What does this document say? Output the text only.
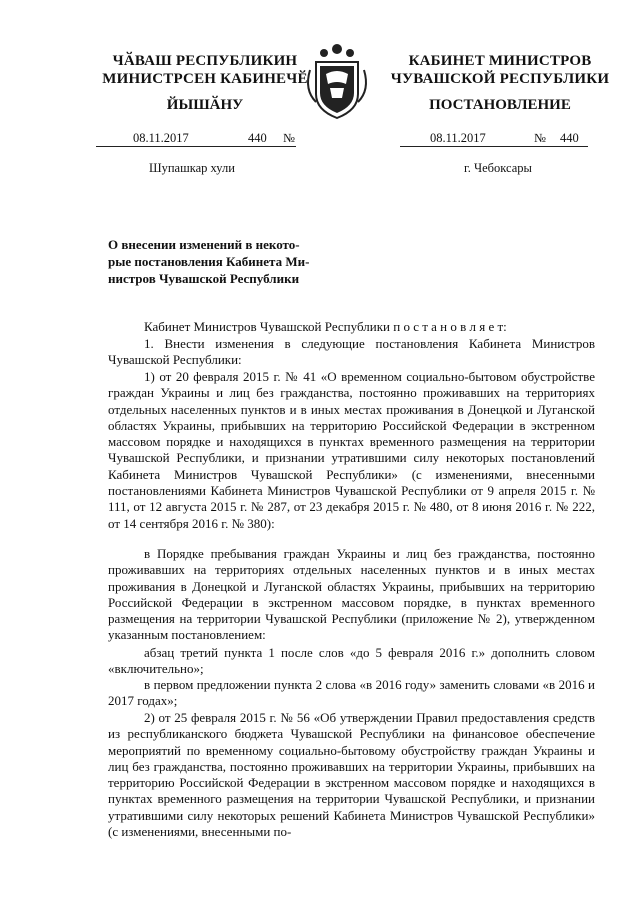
ЧӐВАШ РЕСПУБЛИКИН
МИНИСТРСЕН КАБИНЕЧӖ
ЙЫШӐНУ
КАБИНЕТ МИНИСТРОВ
ЧУВАШСКОЙ РЕСПУБЛИКИ
ПОСТАНОВЛЕНИЕ
08.11.2017	440 №	08.11.2017	№ 440
Шупашкар хули	г. Чебоксары
О внесении изменений в некото-
рые постановления Кабинета Ми-
нистров Чувашской Республики
Кабинет Министров Чувашской Республики п о с т а н о в л я е т:
1. Внести изменения в следующие постановления Кабинета Министров Чувашской Республики:
1) от 20 февраля 2015 г. № 41 «О временном социально-бытовом обустройстве граждан Украины и лиц без гражданства, постоянно проживавших на территориях отдельных населенных пунктов и в иных местах проживания в Донецкой и Луганской областях Украины, прибывших на территорию Российской Федерации в экстренном массовом порядке и находящихся в пунктах временного размещения на территории Чувашской Республики, и признании утратившими силу некоторых постановлений Кабинета Министров Чувашской Республики» (с изменениями, внесенными постановлениями Кабинета Министров Чувашской Республики от 9 апреля 2015 г. № 111, от 12 августа 2015 г. № 287, от 23 декабря 2015 г. № 480, от 8 июня 2016 г. № 222, от 14 сентября 2016 г. № 380):
в Порядке пребывания граждан Украины и лиц без гражданства, постоянно проживавших на территориях отдельных населенных пунктов и в иных местах проживания в Донецкой и Луганской областях Украины, прибывших на территорию Российской Федерации в экстренном массовом порядке, в пунктах временного размещения на территории Чувашской Республики (приложение № 2), утвержденном указанным постановлением:
абзац третий пункта 1 после слов «до 5 февраля 2016 г.» дополнить словом «включительно»;
в первом предложении пункта 2 слова «в 2016 году» заменить словами «в 2016 и 2017 годах»;
2) от 25 февраля 2015 г. № 56 «Об утверждении Правил предоставления средств из республиканского бюджета Чувашской Республики на финансовое обеспечение мероприятий по временному социально-бытовому обустройству граждан Украины и лиц без гражданства, постоянно проживавших на территории Украины, прибывших на территорию Российской Федерации в экстренном массовом порядке и находящихся в пунктах временного размещения на территории Чувашской Республики, и признании утратившими силу некоторых решений Кабинета Министров Чувашской Республики» (с изменениями, внесенными по-
